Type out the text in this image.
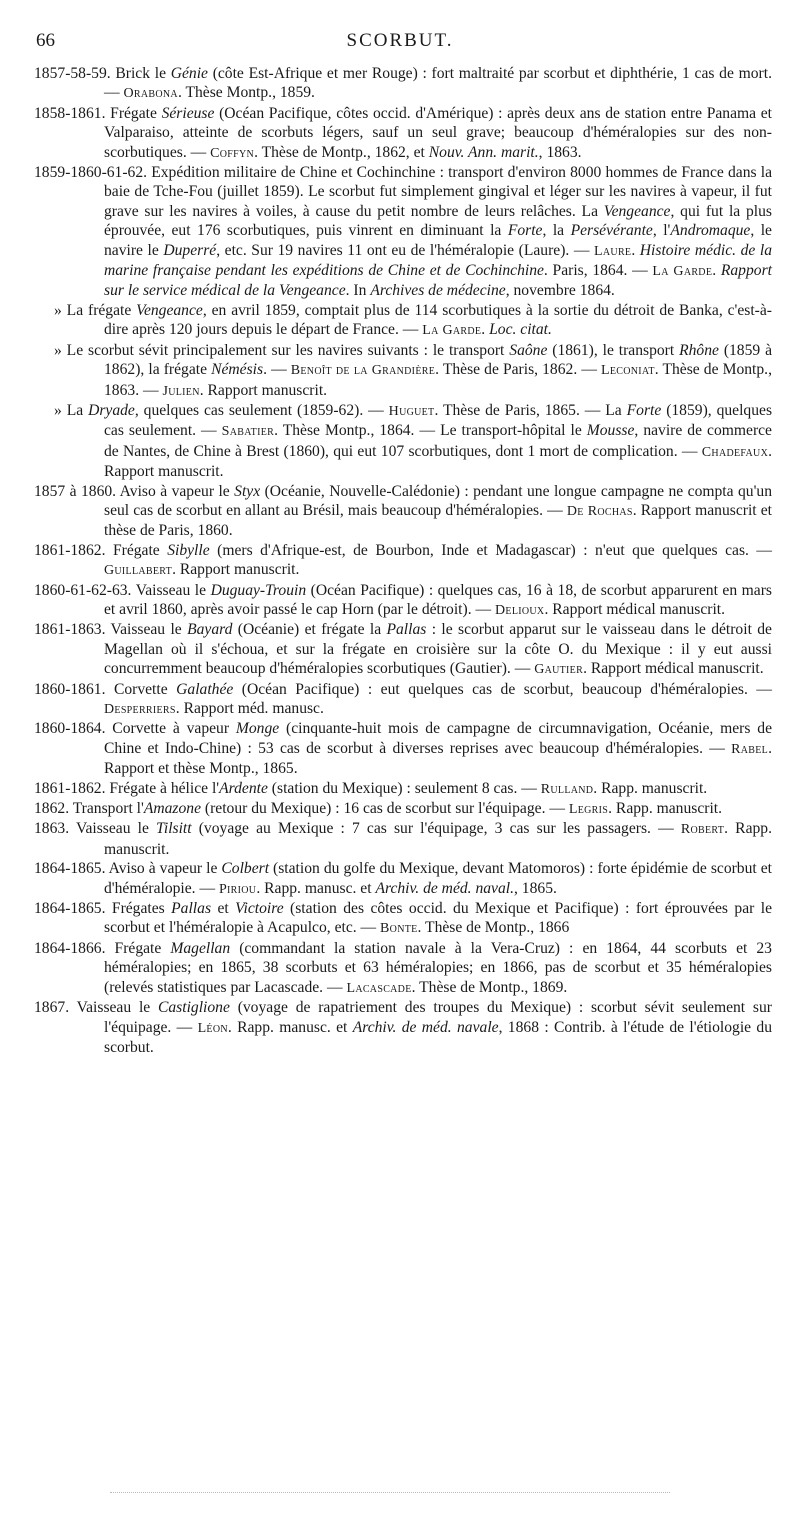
66	SCORBUT.

1857-58-59. Brick le Génie (côte Est-Afrique et mer Rouge) : fort maltraité par scorbut et diphthérie, 1 cas de mort. — Orabona. Thèse Montp., 1859.

1858-1861. Frégate Sérieuse (Océan Pacifique, côtes occid. d'Amérique) : après deux ans de station entre Panama et Valparaiso, atteinte de scorbuts légers, sauf un seul grave; beaucoup d'héméralopies sur des non-scorbutiques. — Coffyn. Thèse de Montp., 1862, et Nouv. Ann. marit., 1863.

1859-1860-61-62. Expédition militaire de Chine et Cochinchine : transport d'environ 8000 hommes de France dans la baie de Tche-Fou (juillet 1859). Le scorbut fut simplement gingival et léger sur les navires à vapeur, il fut grave sur les navires à voiles, à cause du petit nombre de leurs relâches. La Vengeance, qui fut la plus éprouvée, eut 176 scorbutiques, puis vinrent en diminuant la Forte, la Persévérante, l'Andromaque, le navire le Duperré, etc. Sur 19 navires 11 ont eu de l'héméralopie (Laure). — Laure. Histoire médic. de la marine française pendant les expéditions de Chine et de Cochinchine. Paris, 1864. — La Garde. Rapport sur le service médical de la Vengeance. In Archives de médecine, novembre 1864.

» La frégate Vengeance, en avril 1859, comptait plus de 114 scorbutiques à la sortie du détroit de Banka, c'est-à-dire après 120 jours depuis le départ de France. — La Garde. Loc. citat.

» Le scorbut sévit principalement sur les navires suivants : le transport Saône (1861), le transport Rhône (1859 à 1862), la frégate Némésis. — Benoît de la Grandière. Thèse de Paris, 1862. — Leconiat. Thèse de Montp., 1863. — Julien. Rapport manuscrit.

» La Dryade, quelques cas seulement (1859-62). — Huguet. Thèse de Paris, 1865. — La Forte (1859), quelques cas seulement. — Sabatier. Thèse Montp., 1864. — Le transport-hôpital le Mousse, navire de commerce de Nantes, de Chine à Brest (1860), qui eut 107 scorbutiques, dont 1 mort de complication. — Chadefaux. Rapport manuscrit.

1857 à 1860. Aviso à vapeur le Styx (Océanie, Nouvelle-Calédonie) : pendant une longue campagne ne compta qu'un seul cas de scorbut en allant au Brésil, mais beaucoup d'héméralopies. — De Rochas. Rapport manuscrit et thèse de Paris, 1860.

1861-1862. Frégate Sibylle (mers d'Afrique-est, de Bourbon, Inde et Madagascar) : n'eut que quelques cas. — Guillabert. Rapport manuscrit.

1860-61-62-63. Vaisseau le Duguay-Trouin (Océan Pacifique) : quelques cas, 16 à 18, de scorbut apparurent en mars et avril 1860, après avoir passé le cap Horn (par le détroit). — Delioux. Rapport médical manuscrit.

1861-1863. Vaisseau le Bayard (Océanie) et frégate la Pallas : le scorbut apparut sur le vaisseau dans le détroit de Magellan où il s'échoua, et sur la frégate en croisière sur la côte O. du Mexique : il y eut aussi concurremment beaucoup d'héméralopies scorbutiques (Gautier). — Gautier. Rapport médical manuscrit.

1860-1861. Corvette Galathée (Océan Pacifique) : eut quelques cas de scorbut, beaucoup d'héméralopies. — Desperriers. Rapport méd. manusc.

1860-1864. Corvette à vapeur Monge (cinquante-huit mois de campagne de circumnavigation, Océanie, mers de Chine et Indo-Chine) : 53 cas de scorbut à diverses reprises avec beaucoup d'héméralopies. — Rabel. Rapport et thèse Montp., 1865.

1861-1862. Frégate à hélice l'Ardente (station du Mexique) : seulement 8 cas. — Rulland. Rapp. manuscrit.

1862. Transport l'Amazone (retour du Mexique) : 16 cas de scorbut sur l'équipage. — Legris. Rapp. manuscrit.

1863. Vaisseau le Tilsitt (voyage au Mexique : 7 cas sur l'équipage, 3 cas sur les passagers. — Robert. Rapp. manuscrit.

1864-1865. Aviso à vapeur le Colbert (station du golfe du Mexique, devant Matomoros) : forte épidémie de scorbut et d'héméralopie. — Piriou. Rapp. manusc. et Archiv. de méd. naval., 1865.

1864-1865. Frégates Pallas et Victoire (station des côtes occid. du Mexique et Pacifique) : fort éprouvées par le scorbut et l'héméralopie à Acapulco, etc. — Bonte. Thèse de Montp., 1866

1864-1866. Frégate Magellan (commandant la station navale à la Vera-Cruz) : en 1864, 44 scorbuts et 23 héméralopies; en 1865, 38 scorbuts et 63 héméralopies; en 1866, pas de scorbut et 35 héméralopies (relevés statistiques par Lacascade. — Lacascade. Thèse de Montp., 1869.

1867. Vaisseau le Castiglione (voyage de rapatriement des troupes du Mexique) : scorbut sévit seulement sur l'équipage. — Léon. Rapp. manusc. et Archiv. de méd. navale, 1868 : Contrib. à l'étude de l'étiologie du scorbut.
